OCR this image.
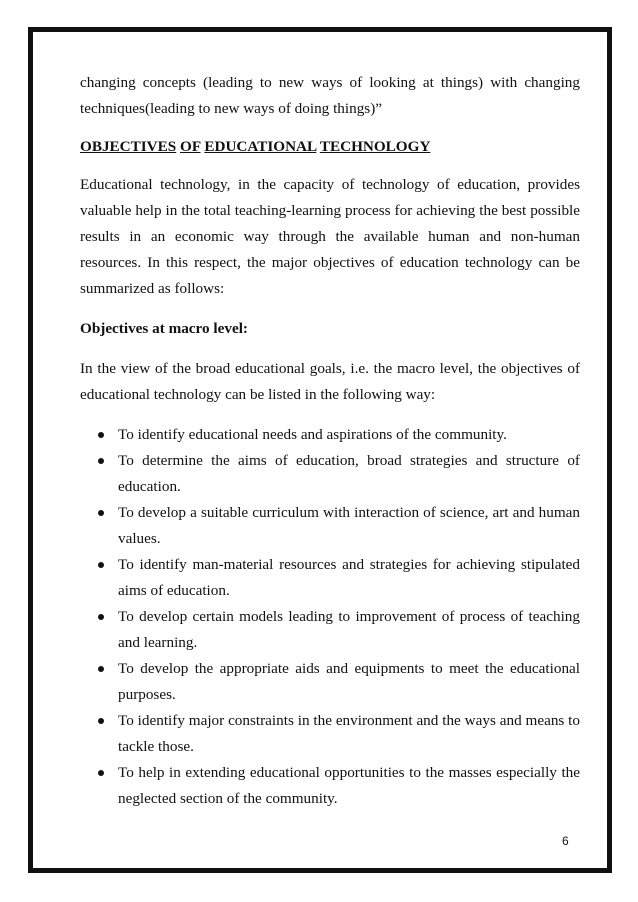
changing concepts (leading to new ways of looking at things) with changing techniques(leading to new ways of doing things)”

OBJECTIVES OF EDUCATIONAL TECHNOLOGY

Educational technology, in the capacity of technology of education, provides valuable help in the total teaching-learning process for achieving the best possible results in an economic way through the available human and non-human resources. In this respect, the major objectives of education technology can be summarized as follows:

Objectives at macro level:

In the view of the broad educational goals, i.e. the macro level, the objectives of educational technology can be listed in the following way:

To identify educational needs and aspirations of the community.
To determine the aims of education, broad strategies and structure of education.
To develop a suitable curriculum with interaction of science, art and human values.
To identify man-material resources and strategies for achieving stipulated aims of education.
To develop certain models leading to improvement of process of teaching and learning.
To develop the appropriate aids and equipments to meet the educational purposes.
To identify major constraints in the environment and the ways and means to tackle those.
To help in extending educational opportunities to the masses especially the neglected section of the community.
6
